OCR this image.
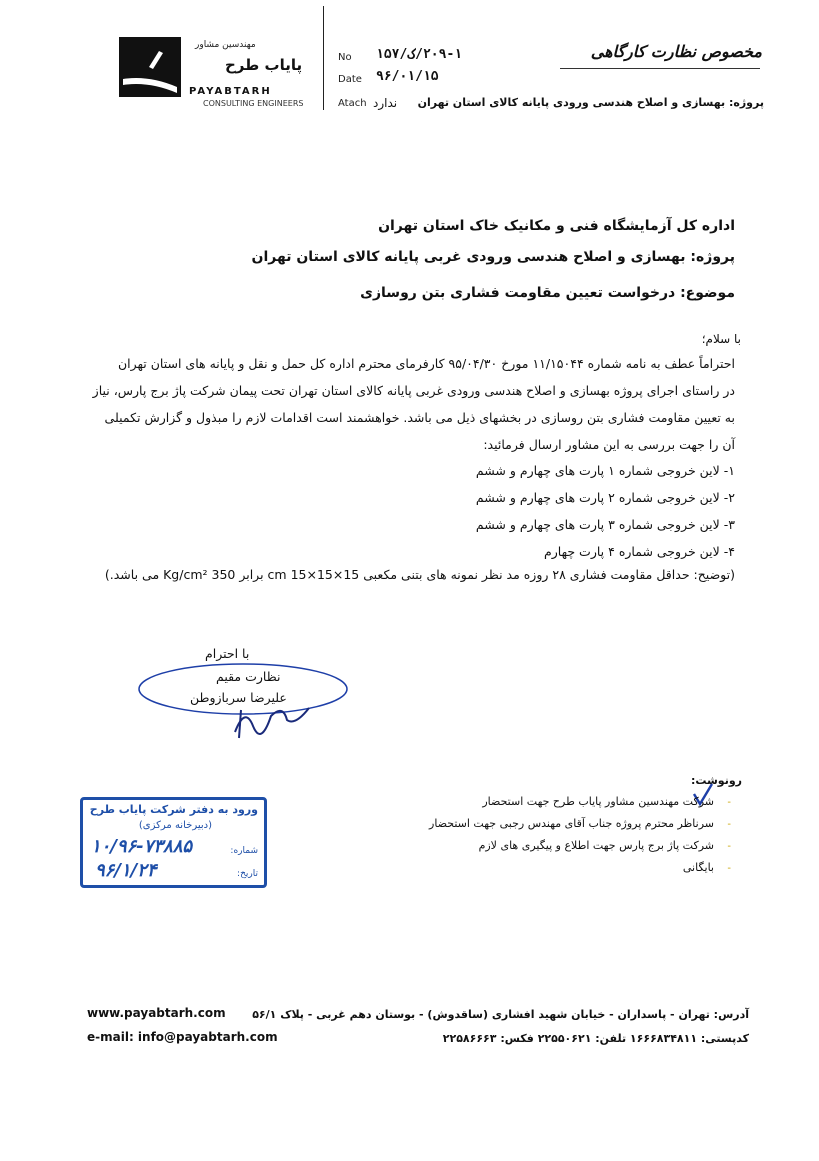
مهندسین مشاور
پایاب طرح
PAYABTARH
CONSULTING ENGINEERS
No ۲۰۹-۱/ک/۱۵۷
Date ۹۶/۰۱/۱۵
Atach ندارد
مخصوص نظارت کارگاهی
پروژه: بهسازی و اصلاح هندسی ورودی پایانه کالای استان تهران
اداره کل آزمایشگاه فنی و مکانیک خاک استان تهران
پروژه: بهسازی و اصلاح هندسی ورودی غربی پایانه کالای استان تهران
موضوع: درخواست تعیین مقاومت فشاری بتن روسازی
با سلام؛
احتراماً عطف به نامه شماره ۱۱/۱۵۰۴۴ مورخ ۹۵/۰۴/۳۰ کارفرمای محترم اداره کل حمل و نقل و پایانه های استان تهران
در راستای اجرای پروژه بهسازی و اصلاح هندسی ورودی غربی پایانه کالای استان تهران تحت پیمان شرکت پاژ برج پارس، نیاز
به تعیین مقاومت فشاری بتن روسازی در بخشهای ذیل می باشد. خواهشمند است اقدامات لازم را مبذول و گزارش تکمیلی
آن را جهت بررسی به این مشاور ارسال فرمائید:
۱- لاین خروجی شماره ۱ پارت های چهارم و ششم
۲- لاین خروجی شماره ۲ پارت های چهارم و ششم
۳- لاین خروجی شماره ۳ پارت های چهارم و ششم
۴- لاین خروجی شماره ۴ پارت چهارم
(توضیح: حداقل مقاومت فشاری ۲۸ روزه مد نظر نمونه های بتنی مکعبی 15×15×15 cm برابر 350 Kg/cm² می باشد.)
با احترام
نظارت مقیم
علیرضا سربازوطن
ورود به دفتر شرکت پایاب طرح
(دبیرخانه مرکزی)
شماره:
۱۰/۹۶-۷۳۸۸۵
تاریخ:
۹۶/۱/۲۴
رونوشت:
-
شرکت مهندسین مشاور پایاب طرح جهت استحضار
-
سرناظر محترم پروژه جناب آقای مهندس رجبی جهت استحضار
-
شرکت پاژ برج پارس جهت اطلاع و پیگیری های لازم
-
بایگانی
www.payabtarh.com
e-mail: info@payabtarh.com
آدرس: تهران - پاسداران - خیابان شهید افشاری (ساقدوش) - بوستان دهم غربی - پلاک ۵۶/۱
کدپستی: ۱۶۶۶۸۳۴۸۱۱ تلفن: ۲۲۵۵۰۶۲۱ فکس: ۲۲۵۸۶۶۶۳
